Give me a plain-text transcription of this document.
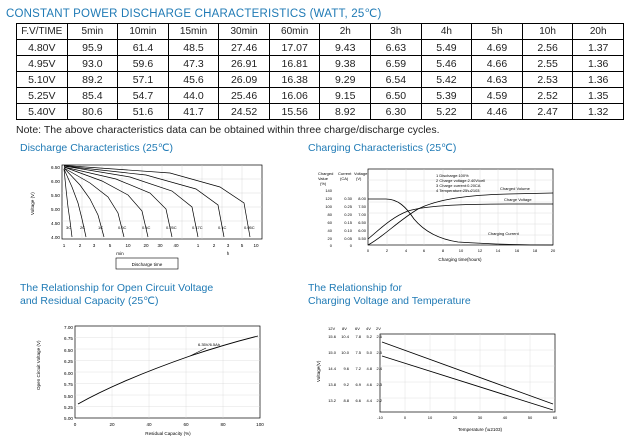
CONSTANT POWER DISCHARGE CHARACTERISTICS (WATT, 25℃)
F.V/TIME	5min	10min	15min	30min	60min	2h	3h	4h	5h	10h	20h
4.80V	95.9	61.4	48.5	27.46	17.07	9.43	6.63	5.49	4.69	2.56	1.37
4.95V	93.0	59.6	47.3	26.91	16.81	9.38	6.59	5.46	4.66	2.55	1.36
5.10V	89.2	57.1	45.6	26.09	16.38	9.29	6.54	5.42	4.63	2.53	1.36
5.25V	85.4	54.7	44.0	25.46	16.06	9.15	6.50	5.39	4.59	2.52	1.35
5.40V	80.6	51.6	41.7	24.52	15.56	8.92	6.30	5.22	4.46	2.47	1.32
Note: The above characteristics data can be obtained within three charge/discharge cycles.
Discharge Characteristics (25℃)
6.50
6.00
5.50
5.00
4.50
4.00
3C 2C	1C	0.6C	0.4C	0.25C	0.17C	0.1C	0.05C
1	2 3	5	10	20 30 40	1	2 3 5 10
min	h
Voltage (V)
Discharge time
Charging Characteristics (25℃)
Charged
Value
(%)
Current
(CA)
Voltage
(V)
140
120
100
80
60
40
20
0
0.30
0.25
0.20
0.15
0.10
0.05
0
8.00
7.50
7.00
6.50
6.00
5.50
1 Discharge:100%
2 Charge voltage:2.40V/cell
3 Charge current:0.20CA
4 Temperature:25\u2103	Charged Volume
Charge Voltage
Charging Current
0	2	4	6	8	10	12	14	16	18	20
Charging time(hours)
The Relationship for Open Circuit Voltage
and Residual Capacity (25℃)
7.00
6.75
6.50
6.25
6.00
5.75
5.50
5.25
5.00
0	20	40	60	80	100
6.35V/6.5Ah
Open Circuit Voltage (V)
Residual Capacity (%)
The Relationship for
Charging Voltage and Temperature
12V 8V 6V 4V 2V
15.6 10.4 7.8 5.2 2.6
15.0 10.0 7.5 5.0 2.5
14.4 9.6 7.2 4.8 2.4
13.8 9.2 6.9 4.6 2.3
13.2 8.8 6.6 4.4 2.2
-10	0	10	20	30	40	50	60
Voltage(V)
Temperature (\u2103)
